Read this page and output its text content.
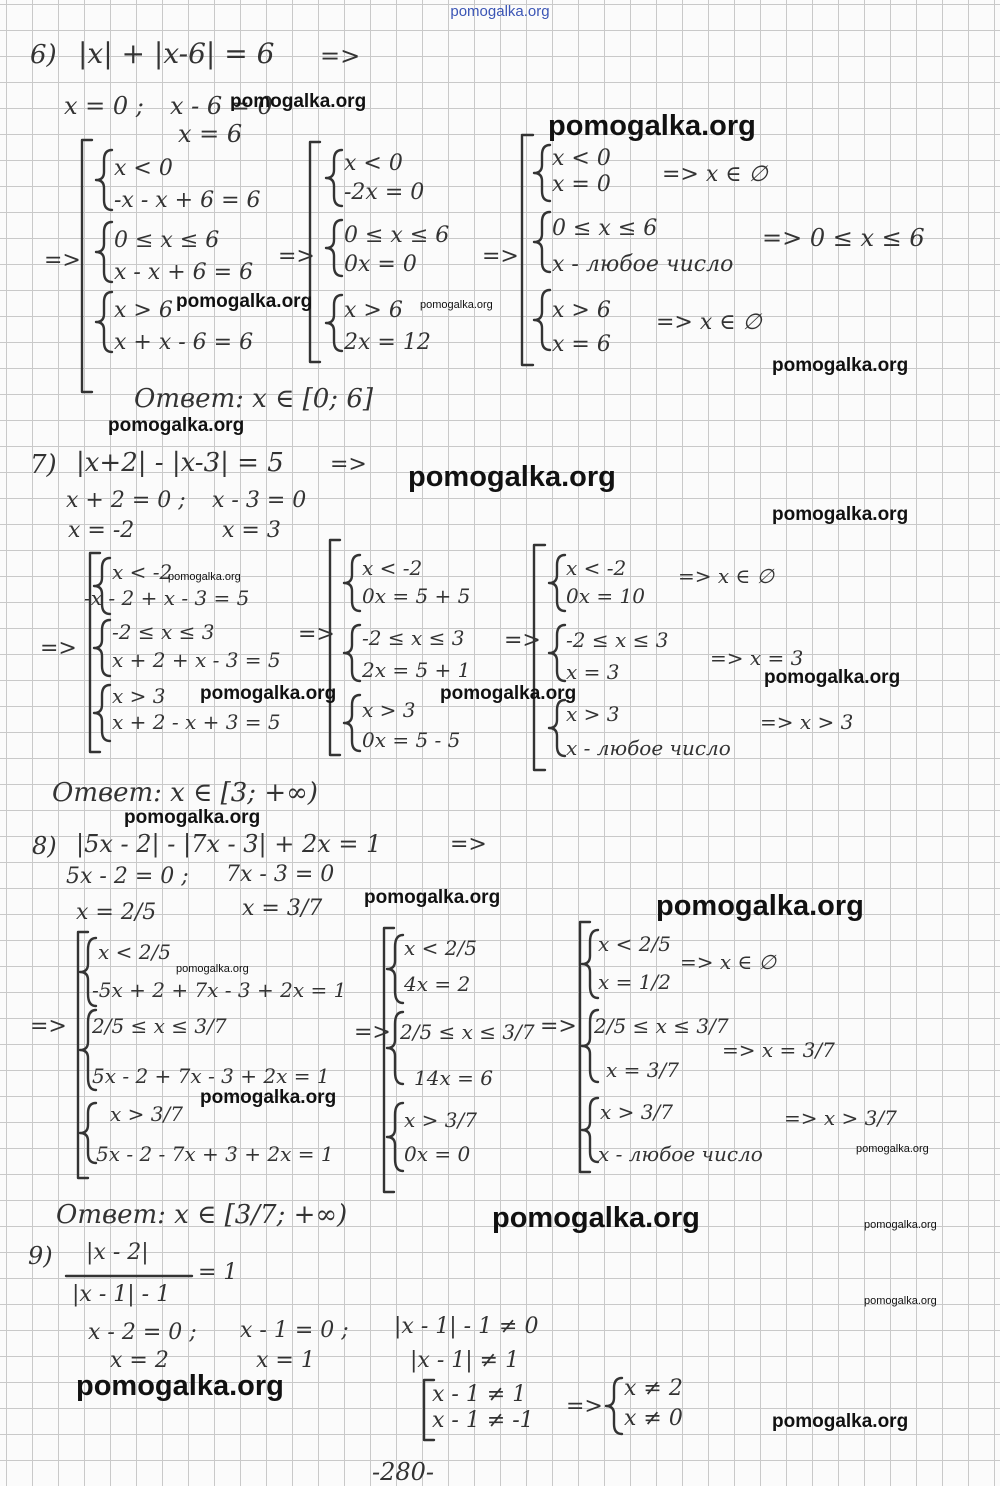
pomogalka.org
6) |x| + |x-6| = 6 =>
x = 0 ; x - 6 = 0
x = 6
x < 0
-x - x + 6 = 6
0 ≤ x ≤ 6
x - x + 6 = 6
x > 6
x + x - 6 = 6
=>	=>
x < 0
-2x = 0
0 ≤ x ≤ 6
0x = 0
x > 6
2x = 12
=>
x < 0
x = 0 => x ∈ ∅
0 ≤ x ≤ 6
x - любое число
=> 0 ≤ x ≤ 6
x > 6
x = 6
=> x ∈ ∅
Ответ: x ∈ [0; 6]
7) |x+2| - |x-3| = 5 =>
x + 2 = 0 ; x - 3 = 0
x = -2	x = 3
x < -2
-x - 2 + x - 3 = 5
-2 ≤ x ≤ 3
x + 2 + x - 3 = 5
x > 3
x + 2 - x + 3 = 5
=>
=>
x < -2
0x = 5 + 5
-2 ≤ x ≤ 3
2x = 5 + 1
x > 3
0x = 5 - 5
=>
x < -2
0x = 10
=> x ∈ ∅
-2 ≤ x ≤ 3
x = 3
=> x = 3
x > 3
x - любое число
=> x > 3
Ответ: x ∈ [3; +∞)
8) |5x - 2| - |7x - 3| + 2x = 1	=>
5x - 2 = 0 ; 7x - 3 = 0
x = 2/5	x = 3/7
x < 2/5
-5x + 2 + 7x - 3 + 2x = 1
2/5 ≤ x ≤ 3/7
5x - 2 + 7x - 3 + 2x = 1
x > 3/7
5x - 2 - 7x + 3 + 2x = 1
=>	=>
x < 2/5
4x = 2
2/5 ≤ x ≤ 3/7
14x = 6
x > 3/7
0x = 0
=>
x < 2/5
x = 1/2
=> x ∈ ∅
2/5 ≤ x ≤ 3/7
x = 3/7
=> x = 3/7
x > 3/7
x - любое число
=> x > 3/7
Ответ: x ∈ [3/7; +∞)
9) |x - 2|
|x - 1| - 1
= 1
x - 2 = 0 ;
x = 2
x - 1 = 0 ;
x = 1
|x - 1| - 1 ≠ 0
|x - 1| ≠ 1
x - 1 ≠ 1
x - 1 ≠ -1
=>
x ≠ 2
x ≠ 0
-280-
pomogalka.org
pomogalka.org
pomogalka.org	pomogalka.org
pomogalka.org
pomogalka.org
pomogalka.org
pomogalka.org
pomogalka.org
pomogalka.org
pomogalka.org	pomogalka.org
pomogalka.org
pomogalka.org	pomogalka.org
pomogalka.org
pomogalka.org
pomogalka.org
pomogalka.org	pomogalka.org
pomogalka.org
pomogalka.org
pomogalka.org
